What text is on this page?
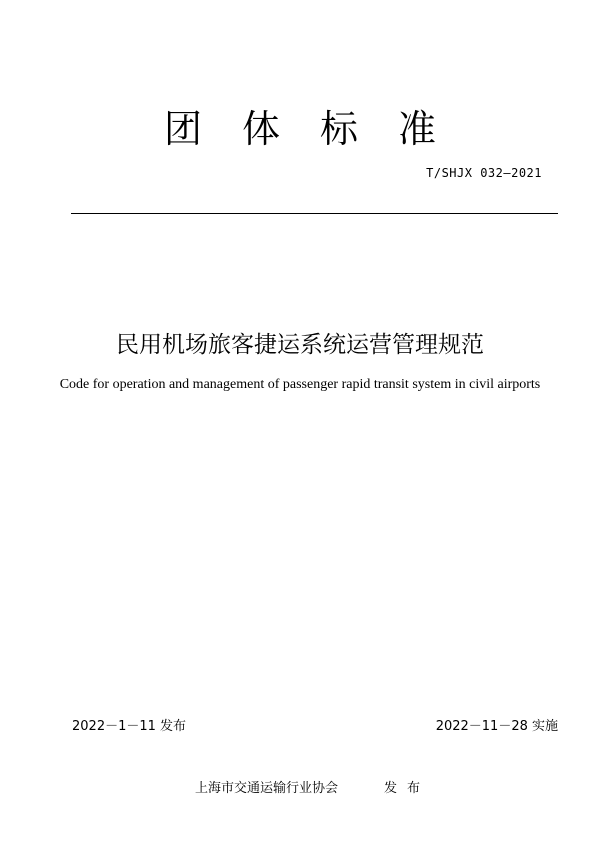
团体标准
T/SHJX 032—2021
民用机场旅客捷运系统运营管理规范
Code for operation and management of passenger rapid transit system in civil airports
2022－1－11 发布	2022－11－28 实施
上海市交通运输行业协会	发布
